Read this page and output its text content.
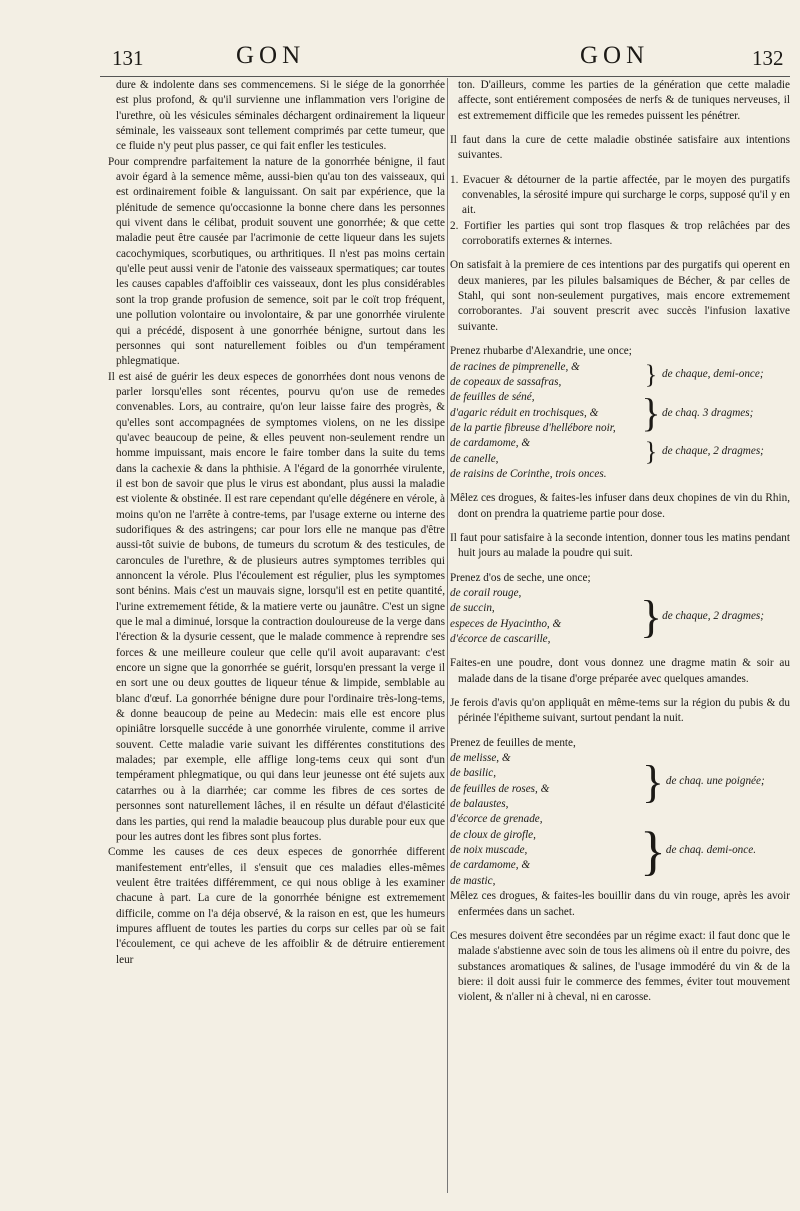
131	GON	GON	132

dure & indolente dans ses commencemens. Si le siége de la gonorrhée est plus profond, & qu'il survienne une inflammation vers l'origine de l'urethre, où les vésicules séminales déchargent ordinairement la liqueur séminale, les vaisseaux sont tellement comprimés par cette tumeur, que ce fluide n'y peut plus passer, ce qui fait enfler les testicules.

Pour comprendre parfaitement la nature de la gonorrhée bénigne, il faut avoir égard à la semence même, aussi-bien qu'au ton des vaisseaux, qui est ordinairement foible & languissant. On sait par expérience, que la plénitude de semence qu'occasionne la bonne chere dans les personnes qui vivent dans le célibat, produit souvent une gonorrhée; & que cette maladie peut être causée par l'acrimonie de cette liqueur dans les sujets cacochymiques, scorbutiques, ou arthritiques. Il n'est pas moins certain qu'elle peut aussi venir de l'atonie des vaisseaux spermatiques; car toutes les causes capables d'affoiblir ces vaisseaux, dont les plus considérables sont la trop grande profusion de semence, soit par le coït trop fréquent, une pollution volontaire ou involontaire, & par une gonorrhée virulente qui a précédé, disposent à une gonorrhée bénigne, surtout dans les personnes qui sont naturellement foibles ou d'un tempérament phlegmatique.

Il est aisé de guérir les deux especes de gonorrhées dont nous venons de parler lorsqu'elles sont récentes, pourvu qu'on use de remedes convenables. Lors, au contraire, qu'on leur laisse faire des progrès, & qu'elles sont accompagnées de symptomes violens, on ne les dissipe qu'avec beaucoup de peine, & elles peuvent non-seulement rendre un homme impuissant, mais encore le faire tomber dans la suite du tems dans la cachexie & dans la phthisie. A l'égard de la gonorrhée virulente, il est bon de savoir que plus le virus est abondant, plus aussi la maladie est violente & obstinée. Il est rare cependant qu'elle dégénere en vérole, à moins qu'on ne l'arrête à contre-tems, par l'usage externe ou interne des sudorifiques & des astringens; car pour lors elle ne manque pas d'être aussi-tôt suivie de bubons, de tumeurs du scrotum & des testicules, de caroncules de l'urethre, & de plusieurs autres symptomes terribles qui annoncent la vérole. Plus l'écoulement est régulier, plus les symptomes sont bénins. Mais c'est un mauvais signe, lorsqu'il est en petite quantité, l'urine extremement fétide, & la matiere verte ou jaunâtre. C'est un signe que le mal a diminué, lorsque la contraction douloureuse de la verge dans l'érection & la dysurie cessent, que le malade commence à reprendre ses forces & une meilleure couleur que celle qu'il avoit auparavant: c'est encore un signe que la gonorrhée se guérit, lorsqu'en pressant la verge il en sort une ou deux gouttes de liqueur ténue & limpide, semblable au blanc d'œuf. La gonorrhée bénigne dure pour l'ordinaire très-long-tems, & donne beaucoup de peine au Medecin: mais elle est encore plus opiniâtre lorsquelle succéde à une gonorrhée virulente, comme il arrive souvent. Cette maladie varie suivant les différentes constitutions des malades; par exemple, elle afflige long-tems ceux qui sont d'un tempérament phlegmatique, ou qui dans leur jeunesse ont été sujets aux catarrhes ou à la diarrhée; car comme les fibres de ces sortes de personnes sont naturellement lâches, il en résulte un défaut d'élasticité dans les parties, qui rend la maladie beaucoup plus durable pour eux que pour les autres dont les fibres sont plus fortes.

Comme les causes de ces deux especes de gonorrhée different manifestement entr'elles, il s'ensuit que ces maladies elles-mêmes veulent être traitées différemment, ce qui nous oblige à les examiner chacune à part. La cure de la gonorrhée bénigne est extremement difficile, comme on l'a déja observé, & la raison en est, que les humeurs impures affluent de toutes les parties du corps sur celles par où se fait l'écoulement, ce qui acheve de les affoiblir & de détruire entierement leur

ton. D'ailleurs, comme les parties de la génération que cette maladie affecte, sont entiérement composées de nerfs & de tuniques nerveuses, il est extremement difficile que les remedes puissent les pénétrer.

Il faut dans la cure de cette maladie obstinée satisfaire aux intentions suivantes.

1. Evacuer & détourner de la partie affectée, par le moyen des purgatifs convenables, la sérosité impure qui surcharge le corps, supposé qu'il y en ait.

2. Fortifier les parties qui sont trop flasques & trop relâchées par des corroboratifs externes & internes.

On satisfait à la premiere de ces intentions par des purgatifs qui operent en deux manieres, par les pilules balsamiques de Bécher, & par celles de Stahl, qui sont non-seulement purgatives, mais encore extremement corroborantes. J'ai souvent prescrit avec succès l'infusion laxative suivante.

Prenez rhubarbe d'Alexandrie, une once;

de racines de pimprenelle, &
de copeaux de sassafras,	}	de chaque, demi-once;

de feuilles de séné,
d'agaric réduit en trochisques, &
de la partie fibreuse d'hellébore noir,	}	de chaq. 3 dragmes;

de cardamome, &
de canelle,	}	de chaque, 2 dragmes;
de raisins de Corinthe, trois onces.		

Mêlez ces drogues, & faites-les infuser dans deux chopines de vin du Rhin, dont on prendra la quatrieme partie pour dose.

Il faut pour satisfaire à la seconde intention, donner tous les matins pendant huit jours au malade la poudre qui suit.

Prenez d'os de seche, une once;

de corail rouge,
de succin,
especes de Hyacintho, &
d'écorce de cascarille,	}	de chaque, 2 dragmes;

Faites-en une poudre, dont vous donnez une dragme matin & soir au malade dans de la tisane d'orge préparée avec quelques amandes.

Je ferois d'avis qu'on appliquât en même-tems sur la région du pubis & du périnée l'épitheme suivant, surtout pendant la nuit.

Prenez de feuilles de mente,

de melisse, &
de basilic,
de feuilles de roses, &
de balaustes,	}	de chaq. une poignée;

d'écorce de grenade,
de cloux de girofle,
de noix muscade,
de cardamome, &
de mastic,	}	de chaq. demi-once.

Mêlez ces drogues, & faites-les bouillir dans du vin rouge, après les avoir enfermées dans un sachet.

Ces mesures doivent être secondées par un régime exact: il faut donc que le malade s'abstienne avec soin de tous les alimens où il entre du poivre, des substances aromatiques & salines, de l'usage immodéré du vin & de la biere: il doit aussi fuir le commerce des femmes, éviter tout mouvement violent, & n'aller ni à cheval, ni en carosse.
